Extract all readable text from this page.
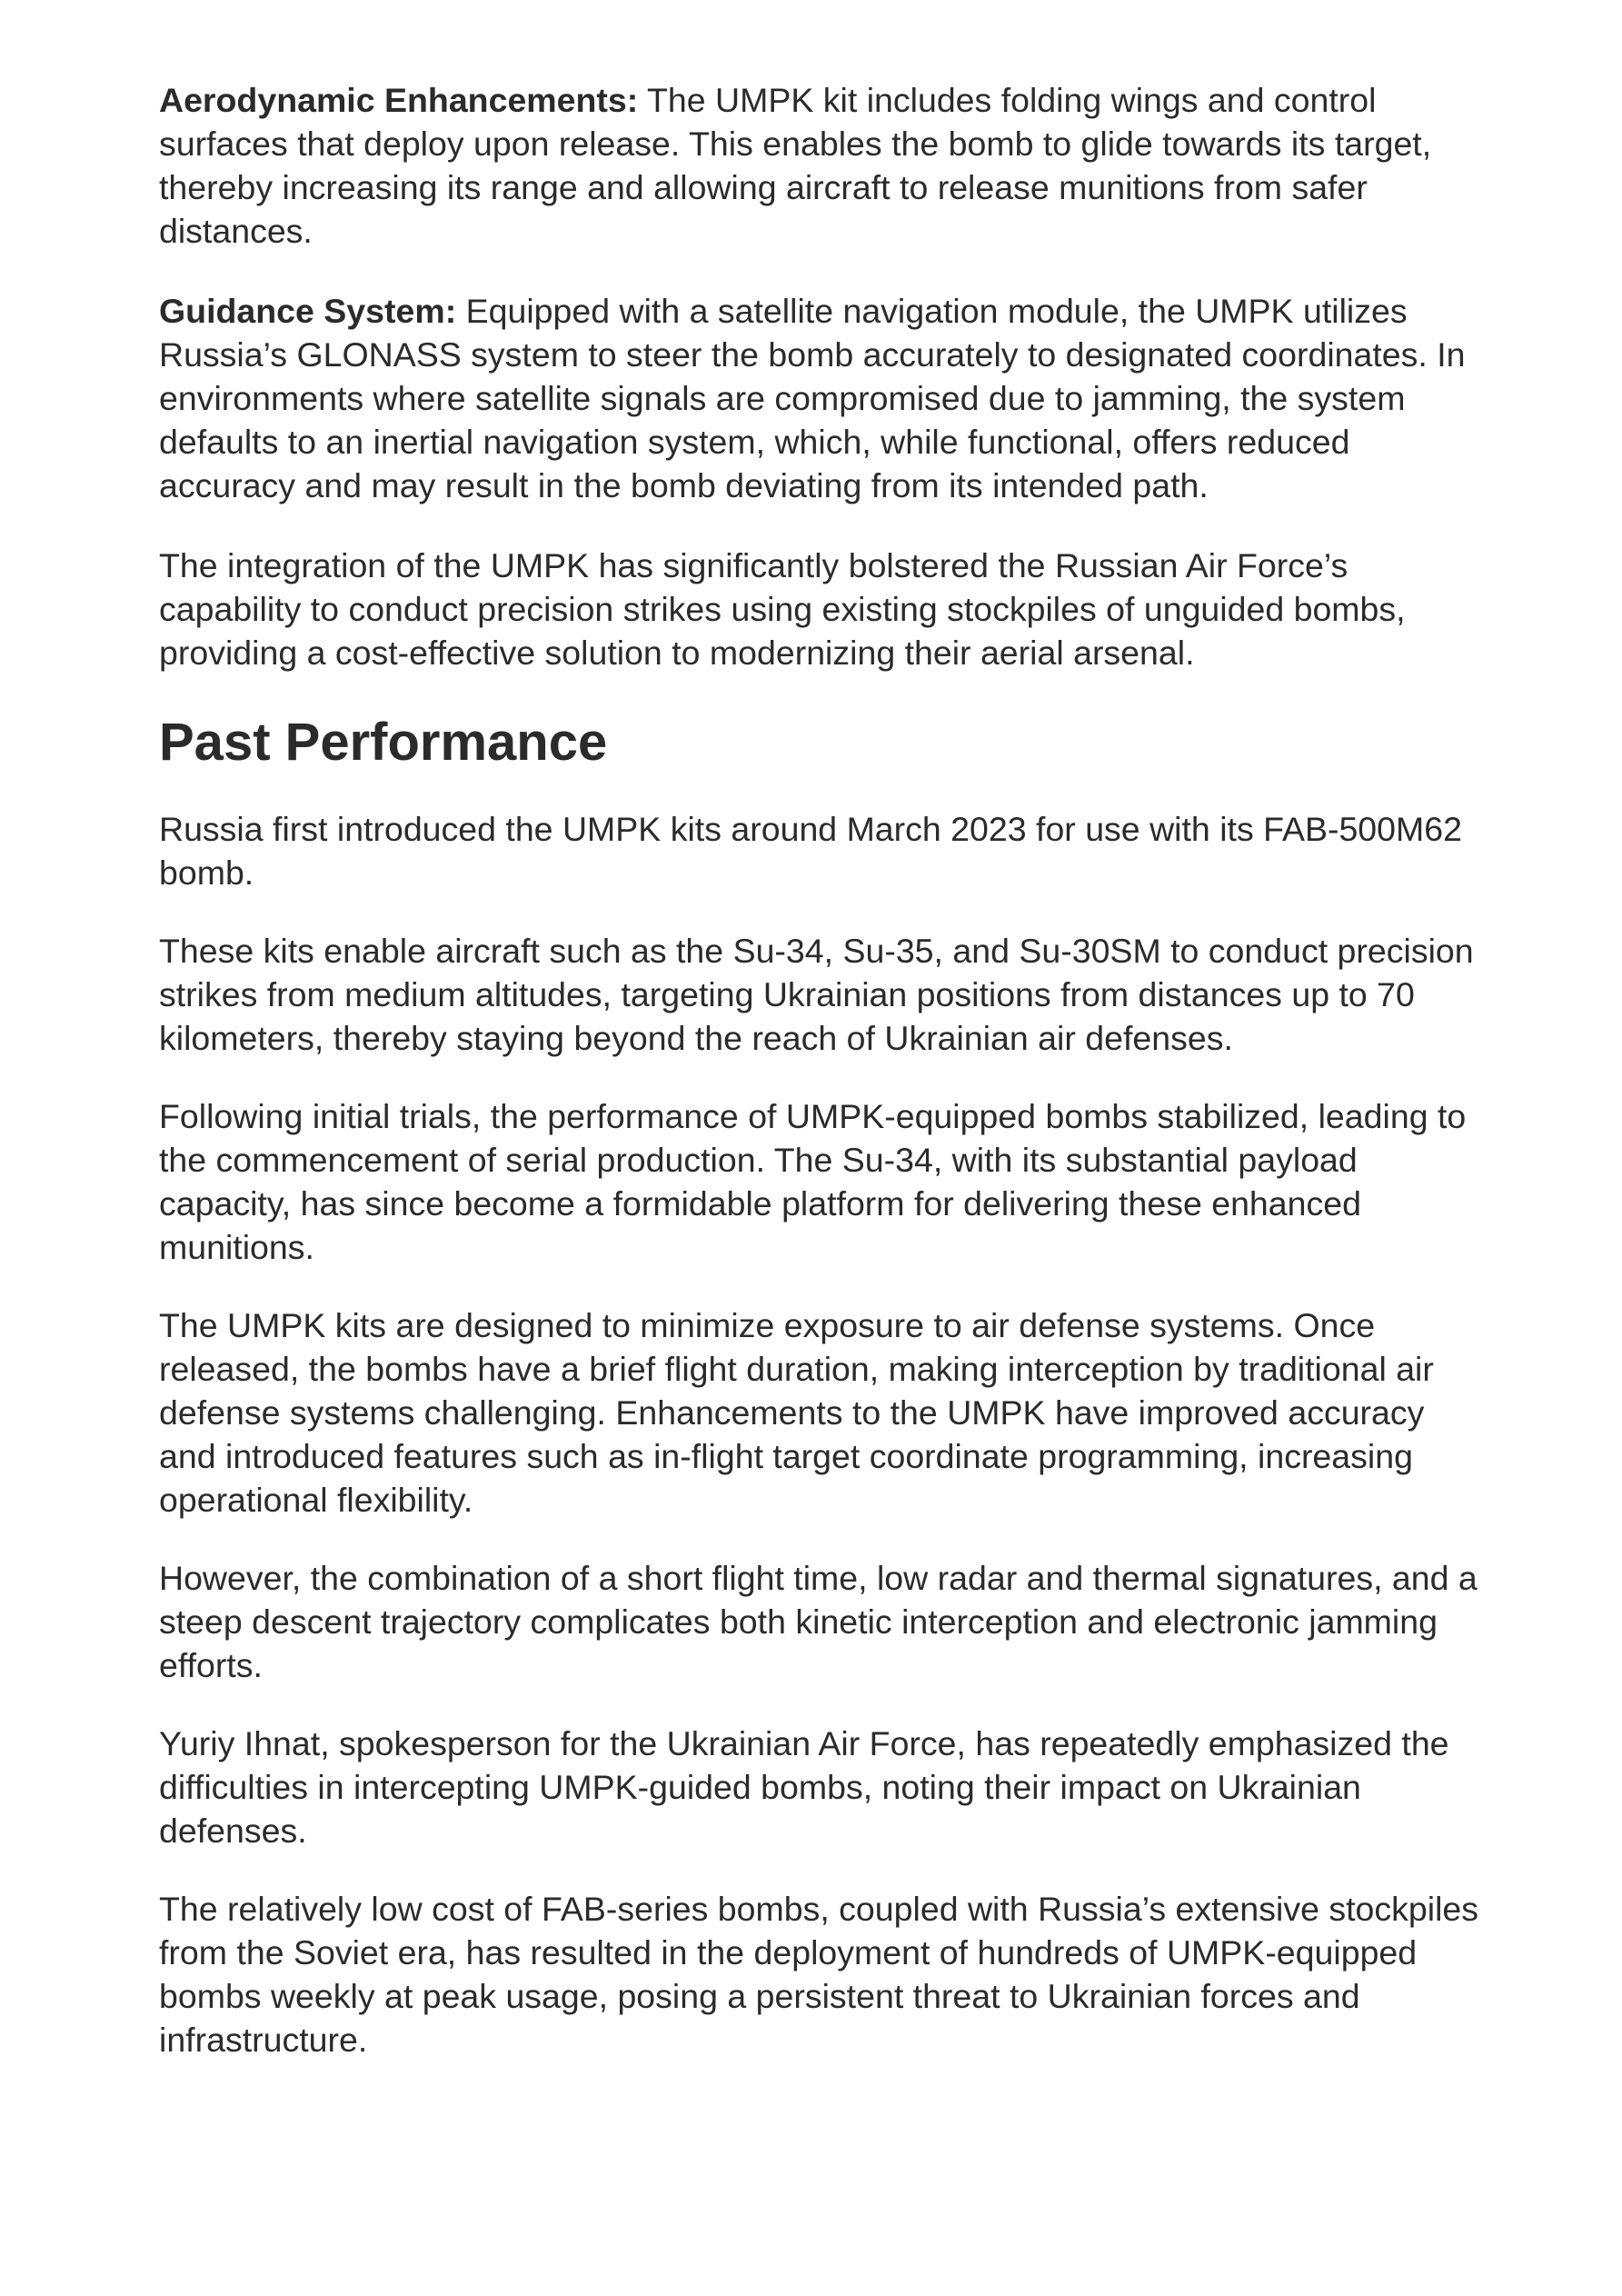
Aerodynamic Enhancements: The UMPK kit includes folding wings and control surfaces that deploy upon release. This enables the bomb to glide towards its target, thereby increasing its range and allowing aircraft to release munitions from safer distances.

Guidance System: Equipped with a satellite navigation module, the UMPK utilizes Russia’s GLONASS system to steer the bomb accurately to designated coordinates. In environments where satellite signals are compromised due to jamming, the system defaults to an inertial navigation system, which, while functional, offers reduced accuracy and may result in the bomb deviating from its intended path.

The integration of the UMPK has significantly bolstered the Russian Air Force’s capability to conduct precision strikes using existing stockpiles of unguided bombs, providing a cost-effective solution to modernizing their aerial arsenal.

Past Performance

Russia first introduced the UMPK kits around March 2023 for use with its FAB-500M62 bomb.

These kits enable aircraft such as the Su-34, Su-35, and Su-30SM to conduct precision strikes from medium altitudes, targeting Ukrainian positions from distances up to 70 kilometers, thereby staying beyond the reach of Ukrainian air defenses.

Following initial trials, the performance of UMPK-equipped bombs stabilized, leading to the commencement of serial production. The Su-34, with its substantial payload capacity, has since become a formidable platform for delivering these enhanced munitions.

The UMPK kits are designed to minimize exposure to air defense systems. Once released, the bombs have a brief flight duration, making interception by traditional air defense systems challenging. Enhancements to the UMPK have improved accuracy and introduced features such as in-flight target coordinate programming, increasing operational flexibility.

However, the combination of a short flight time, low radar and thermal signatures, and a steep descent trajectory complicates both kinetic interception and electronic jamming efforts.

Yuriy Ihnat, spokesperson for the Ukrainian Air Force, has repeatedly emphasized the difficulties in intercepting UMPK-guided bombs, noting their impact on Ukrainian defenses.

The relatively low cost of FAB-series bombs, coupled with Russia’s extensive stockpiles from the Soviet era, has resulted in the deployment of hundreds of UMPK-equipped bombs weekly at peak usage, posing a persistent threat to Ukrainian forces and infrastructure.
